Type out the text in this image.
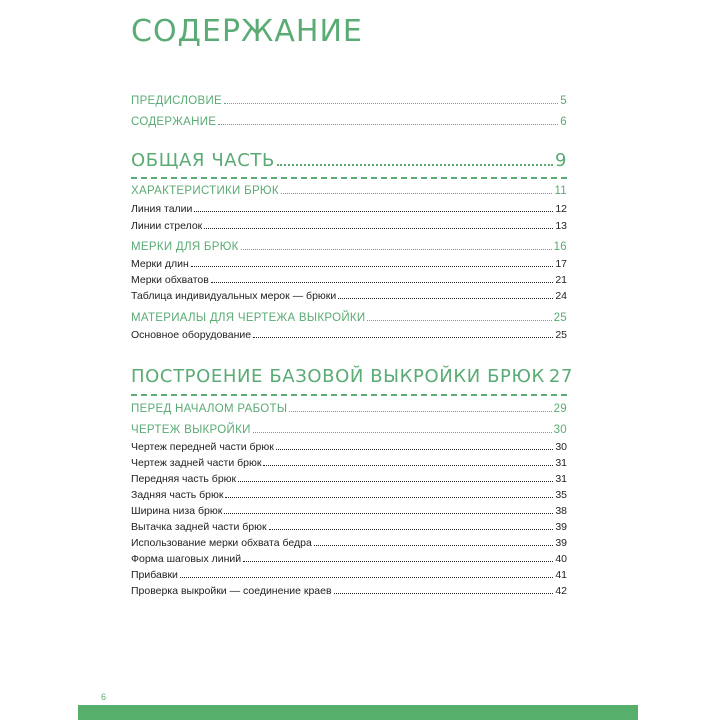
СОДЕРЖАНИЕ
ПРЕДИСЛОВИЕ	5
СОДЕРЖАНИЕ	6
ОБЩАЯ ЧАСТЬ	9
ХАРАКТЕРИСТИКИ БРЮК	11
Линия талии	12
Линии стрелок	13
МЕРКИ ДЛЯ БРЮК	16
Мерки длин	17
Мерки обхватов	21
Таблица индивидуальных мерок — брюки	24
МАТЕРИАЛЫ ДЛЯ ЧЕРТЕЖА ВЫКРОЙКИ	25
Основное оборудование	25
ПОСТРОЕНИЕ БАЗОВОЙ ВЫКРОЙКИ БРЮК 27
ПЕРЕД НАЧАЛОМ РАБОТЫ	29
ЧЕРТЕЖ ВЫКРОЙКИ	30
Чертеж передней части брюк	30
Чертеж задней части брюк	31
Передняя часть брюк	31
Задняя часть брюк	35
Ширина низа брюк	38
Вытачка задней части брюк	39
Использование мерки обхвата бедра	39
Форма шаговых линий	40
Прибавки	41
Проверка выкройки — соединение краев	42
6
